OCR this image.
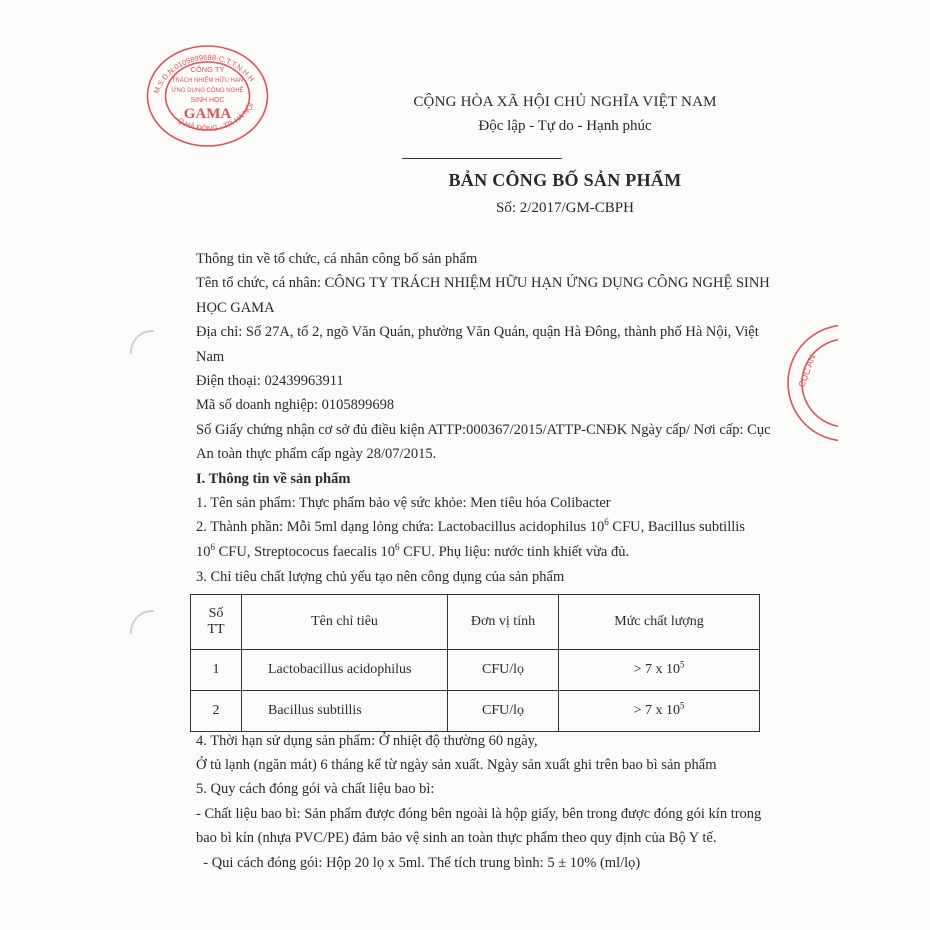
M.S.D.N:0105899698-C.T.T.N.H.H
Q.HÀ ĐÔNG - TP. HÀ NỘI
CÔNG TY
TRÁCH NHIỆM HỮU HẠN
ỨNG DỤNG CÔNG NGHỆ
SINH HỌC
GAMA
CỤC AN
CỘNG HÒA XÃ HỘI CHỦ NGHĨA VIỆT NAM
Độc lập - Tự do - Hạnh phúc
BẢN CÔNG BỐ SẢN PHẨM
Số: 2/2017/GM-CBPH
Thông tin về tổ chức, cá nhân công bố sản phẩm
Tên tổ chức, cá nhân: CÔNG TY TRÁCH NHIỆM HỮU HẠN ỨNG DỤNG CÔNG NGHỆ SINH
HỌC GAMA
Địa chỉ: Số 27A, tổ 2, ngõ Văn Quán, phường Văn Quán, quận Hà Đông, thành phố Hà Nội, Việt
Nam
Điện thoại: 02439963911
Mã số doanh nghiệp: 0105899698
Số Giấy chứng nhận cơ sở đủ điều kiện ATTP:000367/2015/ATTP-CNĐK Ngày cấp/ Nơi cấp: Cục
An toàn thực phẩm cấp ngày 28/07/2015.
I. Thông tin về sản phẩm
1. Tên sản phẩm: Thực phẩm bảo vệ sức khỏe: Men tiêu hóa Colibacter
2. Thành phần: Mỗi 5ml dạng lỏng chứa: Lactobacillus acidophilus $10^6$ CFU, Bacillus subtillis
$10^6$ CFU, Streptococus faecalis $10^6$ CFU. Phụ liệu: nước tinh khiết vừa đủ.
3. Chỉ tiêu chất lượng chủ yếu tạo nên công dụng của sản phẩm
Số
TT	Tên chỉ tiêu	Đơn vị tính	Mức chất lượng
1	Lactobacillus acidophilus	CFU/lọ	> 7 x $10^5$
2	Bacillus subtillis	CFU/lọ	> 7 x $10^5$
4. Thời hạn sử dụng sản phẩm: Ở nhiệt độ thường 60 ngày,
Ở tủ lạnh (ngăn mát) 6 tháng kể từ ngày sản xuất. Ngày sản xuất ghi trên bao bì sản phẩm
5. Quy cách đóng gói và chất liệu bao bì:
- Chất liệu bao bì: Sản phẩm được đóng bên ngoài là hộp giấy, bên trong được đóng gói kín trong
bao bì kín (nhựa PVC/PE) đảm bảo vệ sinh an toàn thực phẩm theo quy định của Bộ Y tế.
- Qui cách đóng gói: Hộp 20 lọ x 5ml. Thể tích trung bình: 5 ± 10% (ml/lọ)
